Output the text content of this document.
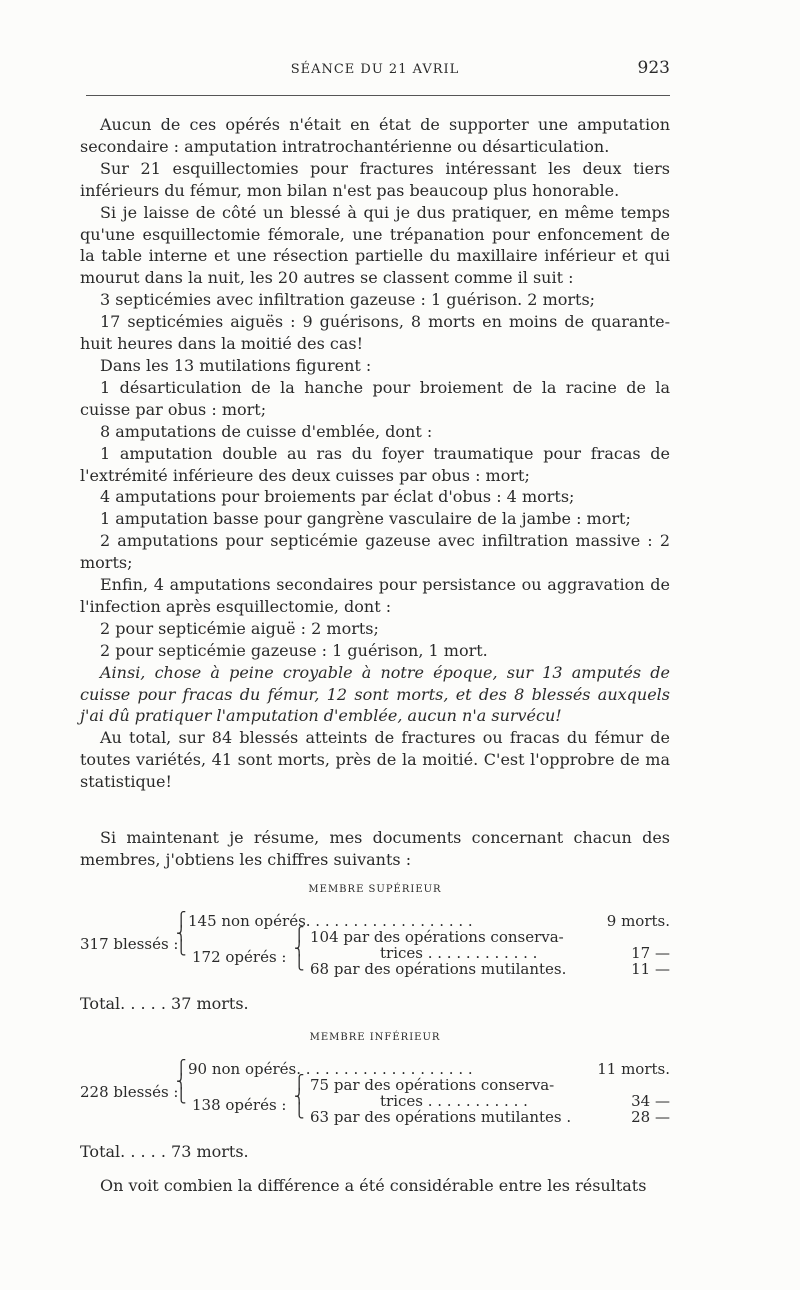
SÉANCE DU 21 AVRIL	923

Aucun de ces opérés n'était en état de supporter une amputation secondaire : amputation intratrochantérienne ou désarticulation.

Sur 21 esquillectomies pour fractures intéressant les deux tiers inférieurs du fémur, mon bilan n'est pas beaucoup plus honorable.

Si je laisse de côté un blessé à qui je dus pratiquer, en même temps qu'une esquillectomie fémorale, une trépanation pour enfoncement de la table interne et une résection partielle du maxillaire inférieur et qui mourut dans la nuit, les 20 autres se classent comme il suit :

3 septicémies avec infiltration gazeuse : 1 guérison. 2 morts;

17 septicémies aiguës : 9 guérisons, 8 morts en moins de quarante-huit heures dans la moitié des cas!

Dans les 13 mutilations figurent :

1 désarticulation de la hanche pour broiement de la racine de la cuisse par obus : mort;

8 amputations de cuisse d'emblée, dont :

1 amputation double au ras du foyer traumatique pour fracas de l'extrémité inférieure des deux cuisses par obus : mort;

4 amputations pour broiements par éclat d'obus : 4 morts;

1 amputation basse pour gangrène vasculaire de la jambe : mort;

2 amputations pour septicémie gazeuse avec infiltration massive : 2 morts;

Enfin, 4 amputations secondaires pour persistance ou aggravation de l'infection après esquillectomie, dont :

2 pour septicémie aiguë : 2 morts;

2 pour septicémie gazeuse : 1 guérison, 1 mort.

Ainsi, chose à peine croyable à notre époque, sur 13 amputés de cuisse pour fracas du fémur, 12 sont morts, et des 8 blessés auxquels j'ai dû pratiquer l'amputation d'emblée, aucun n'a survécu!

Au total, sur 84 blessés atteints de fractures ou fracas du fémur de toutes variétés, 41 sont morts, près de la moitié. C'est l'opprobre de ma statistique!

Si maintenant je résume, mes documents concernant chacun des membres, j'obtiens les chiffres suivants :

MEMBRE SUPÉRIEUR

317 blessés :
⎧
⎨
⎩
145 non opérés. . . . . . . . . . . . . . . . . .	9 morts.
172 opérés :
⎧
⎨
⎩
104 par des opérations conserva-
trices . . . . . . . . . . . .	17 —
68 par des opérations mutilantes.	11 —

Total. . . . . 37 morts.

MEMBRE INFÉRIEUR

228 blessés :
⎧
⎨
⎩
90 non opérés. . . . . . . . . . . . . . . . . . .	11 morts.
138 opérés :
⎧
⎨
⎩
75 par des opérations conserva-
trices . . . . . . . . . . .	34 —
63 par des opérations mutilantes .	28 —

Total. . . . . 73 morts.

On voit combien la différence a été considérable entre les résultats
